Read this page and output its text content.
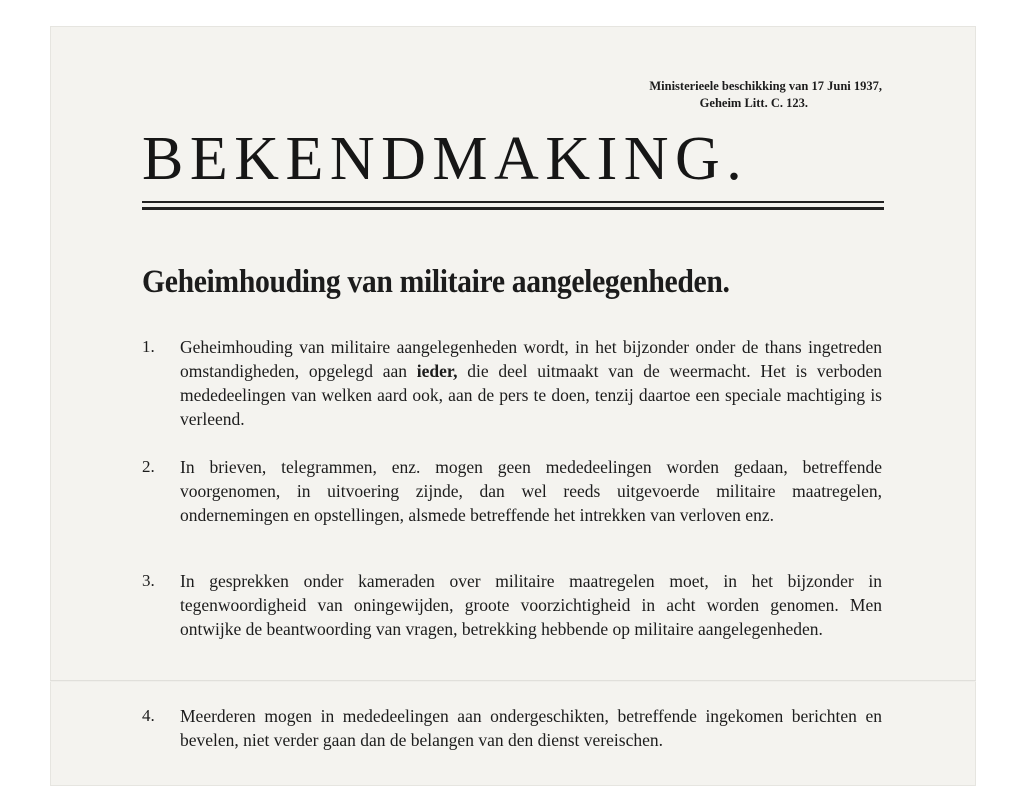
Ministerieele beschikking van 17 Juni 1937,
Geheim Litt. C. 123.
BEKENDMAKING.
Geheimhouding van militaire aangelegenheden.
1. Geheimhouding van militaire aangelegenheden wordt, in het bijzonder onder de thans ingetreden omstandigheden, opgelegd aan ieder, die deel uitmaakt van de weermacht. Het is verboden mededeelingen van welken aard ook, aan de pers te doen, tenzij daartoe een speciale machtiging is verleend.
2. In brieven, telegrammen, enz. mogen geen mededeelingen worden gedaan, betreffende voorgenomen, in uitvoering zijnde, dan wel reeds uitgevoerde militaire maatregelen, ondernemingen en opstellingen, alsmede betreffende het intrekken van verloven enz.
3. In gesprekken onder kameraden over militaire maatregelen moet, in het bijzonder in tegenwoordigheid van oningewijden, groote voorzichtigheid in acht worden genomen. Men ontwijke de beantwoording van vragen, betrekking hebbende op militaire aangelegenheden.
4. Meerderen mogen in mededeelingen aan ondergeschikten, betreffende ingekomen berichten en bevelen, niet verder gaan dan de belangen van den dienst vereischen.
